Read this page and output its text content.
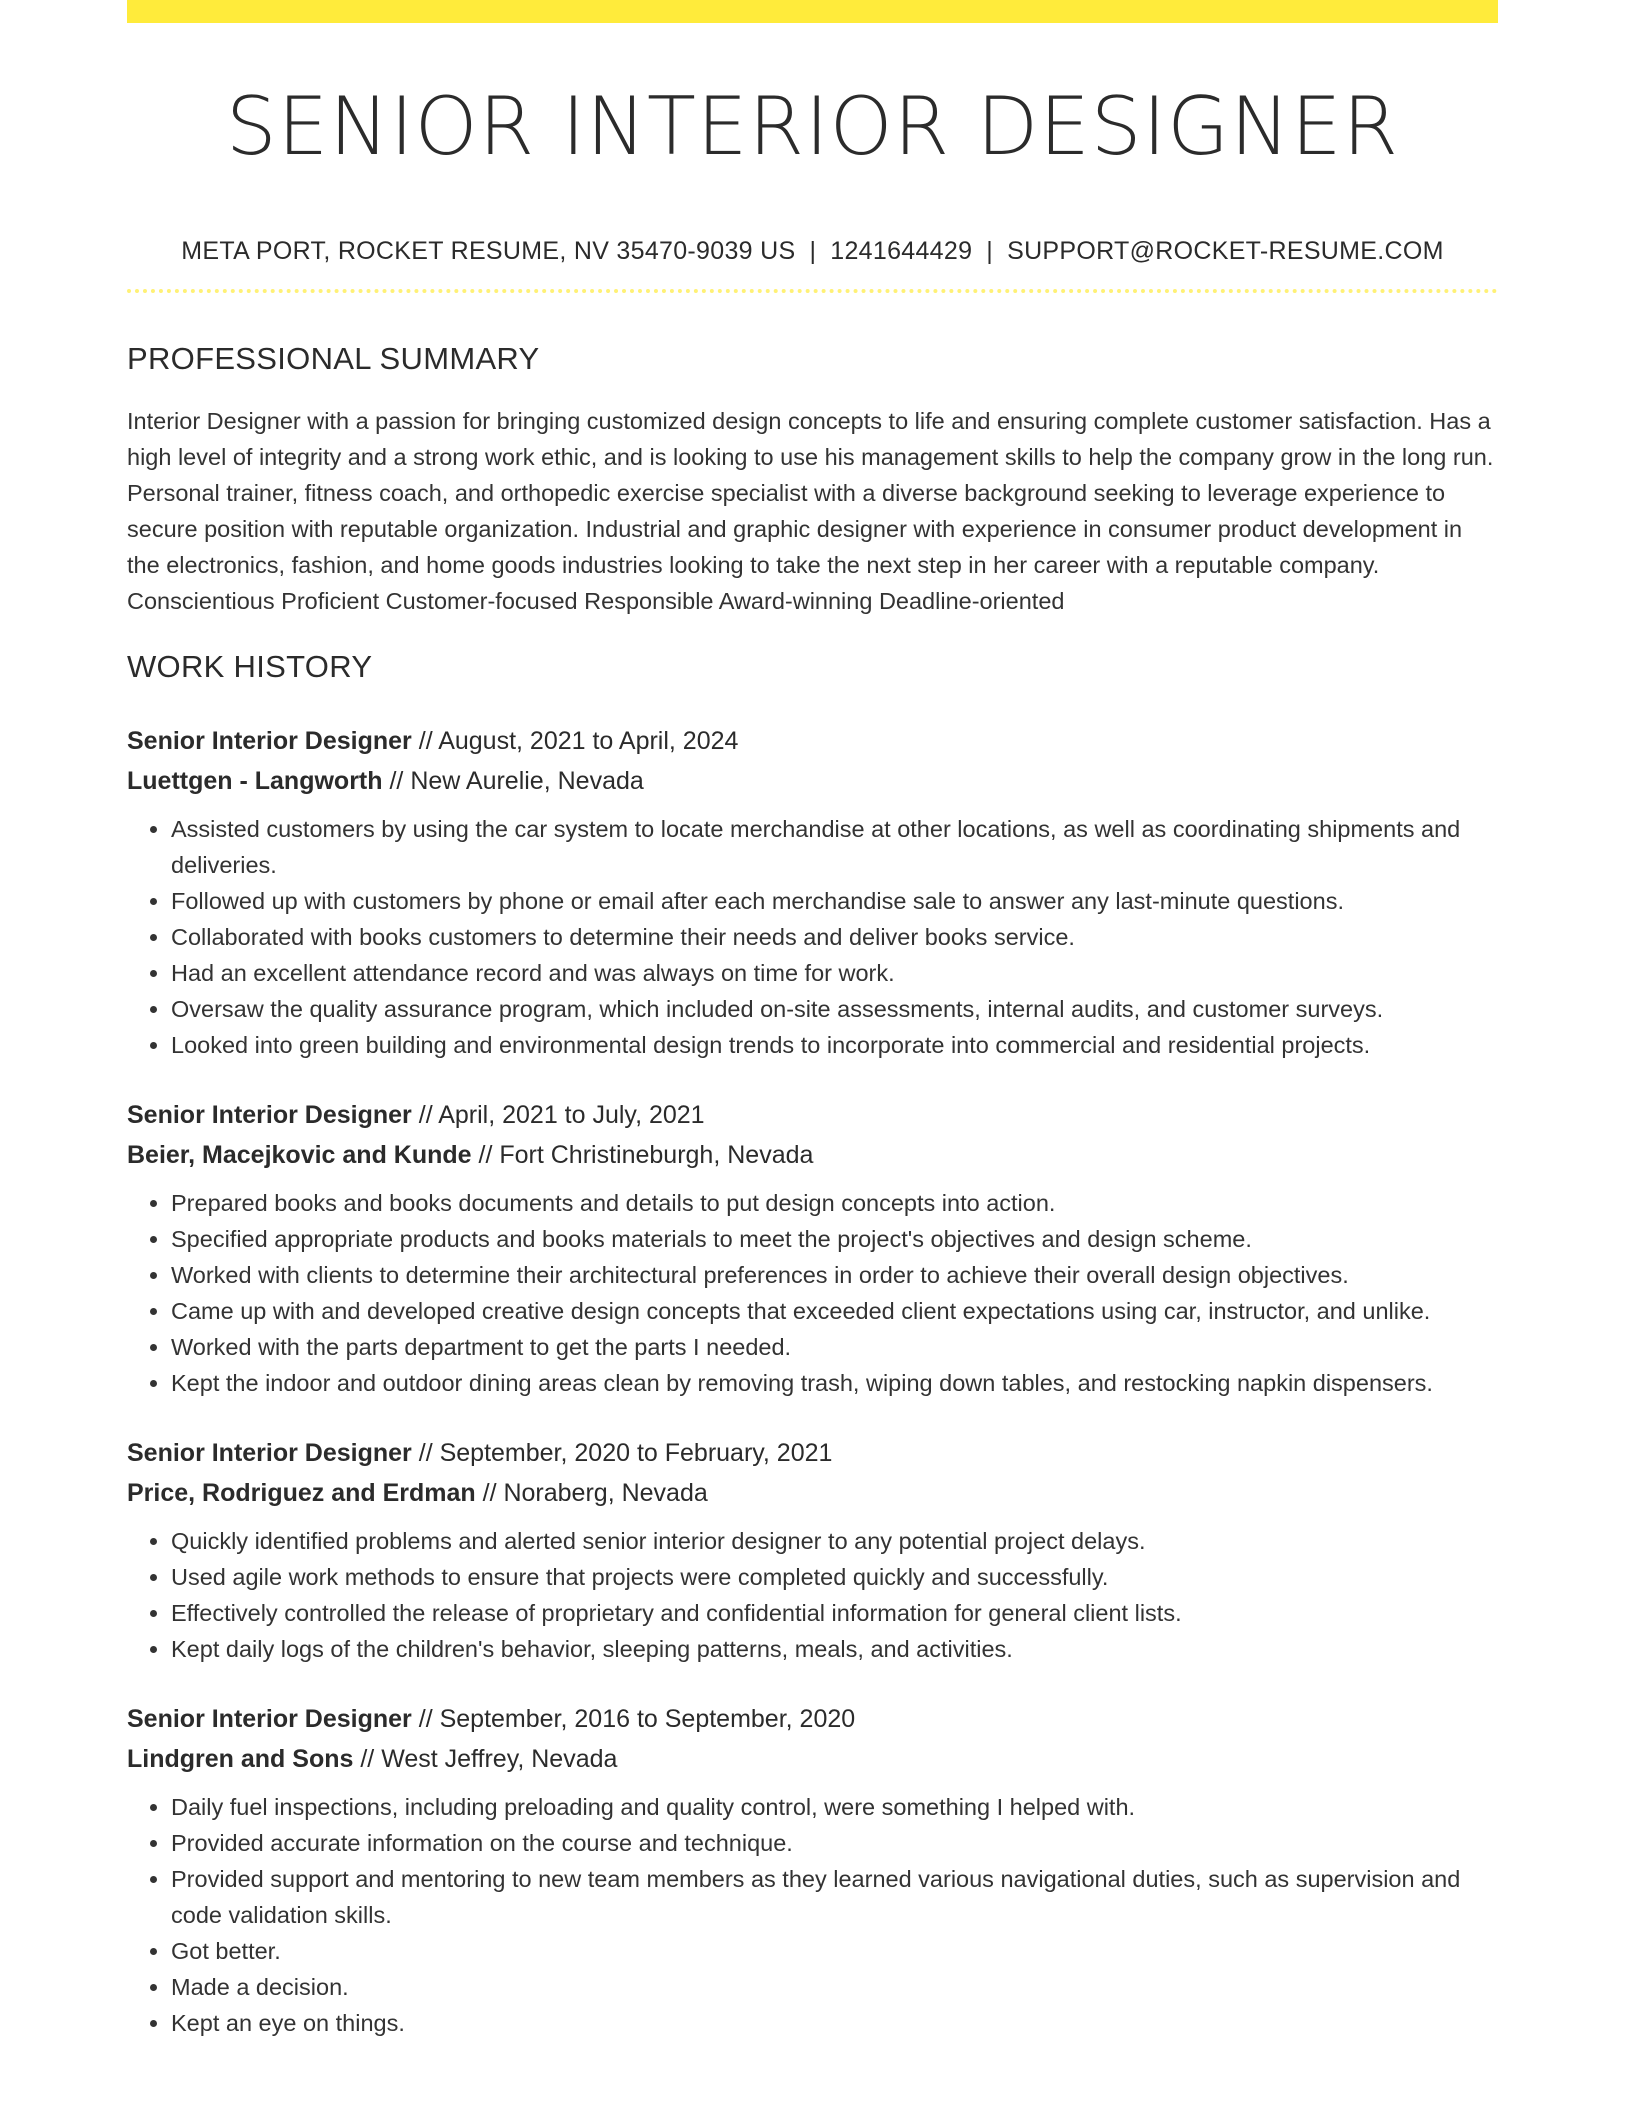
SENIOR INTERIOR DESIGNER
META PORT, ROCKET RESUME, NV 35470-9039 US | 1241644429 | SUPPORT@ROCKET-RESUME.COM
PROFESSIONAL SUMMARY
Interior Designer with a passion for bringing customized design concepts to life and ensuring complete customer satisfaction. Has a high level of integrity and a strong work ethic, and is looking to use his management skills to help the company grow in the long run. Personal trainer, fitness coach, and orthopedic exercise specialist with a diverse background seeking to leverage experience to secure position with reputable organization. Industrial and graphic designer with experience in consumer product development in the electronics, fashion, and home goods industries looking to take the next step in her career with a reputable company. Conscientious Proficient Customer-focused Responsible Award-winning Deadline-oriented
WORK HISTORY
Senior Interior Designer // August, 2021 to April, 2024
Luettgen - Langworth // New Aurelie, Nevada
• Assisted customers by using the car system to locate merchandise at other locations, as well as coordinating shipments and deliveries.
• Followed up with customers by phone or email after each merchandise sale to answer any last-minute questions.
• Collaborated with books customers to determine their needs and deliver books service.
• Had an excellent attendance record and was always on time for work.
• Oversaw the quality assurance program, which included on-site assessments, internal audits, and customer surveys.
• Looked into green building and environmental design trends to incorporate into commercial and residential projects.
Senior Interior Designer // April, 2021 to July, 2021
Beier, Macejkovic and Kunde // Fort Christineburgh, Nevada
• Prepared books and books documents and details to put design concepts into action.
• Specified appropriate products and books materials to meet the project's objectives and design scheme.
• Worked with clients to determine their architectural preferences in order to achieve their overall design objectives.
• Came up with and developed creative design concepts that exceeded client expectations using car, instructor, and unlike.
• Worked with the parts department to get the parts I needed.
• Kept the indoor and outdoor dining areas clean by removing trash, wiping down tables, and restocking napkin dispensers.
Senior Interior Designer // September, 2020 to February, 2021
Price, Rodriguez and Erdman // Noraberg, Nevada
• Quickly identified problems and alerted senior interior designer to any potential project delays.
• Used agile work methods to ensure that projects were completed quickly and successfully.
• Effectively controlled the release of proprietary and confidential information for general client lists.
• Kept daily logs of the children's behavior, sleeping patterns, meals, and activities.
Senior Interior Designer // September, 2016 to September, 2020
Lindgren and Sons // West Jeffrey, Nevada
• Daily fuel inspections, including preloading and quality control, were something I helped with.
• Provided accurate information on the course and technique.
• Provided support and mentoring to new team members as they learned various navigational duties, such as supervision and code validation skills.
• Got better.
• Made a decision.
• Kept an eye on things.
